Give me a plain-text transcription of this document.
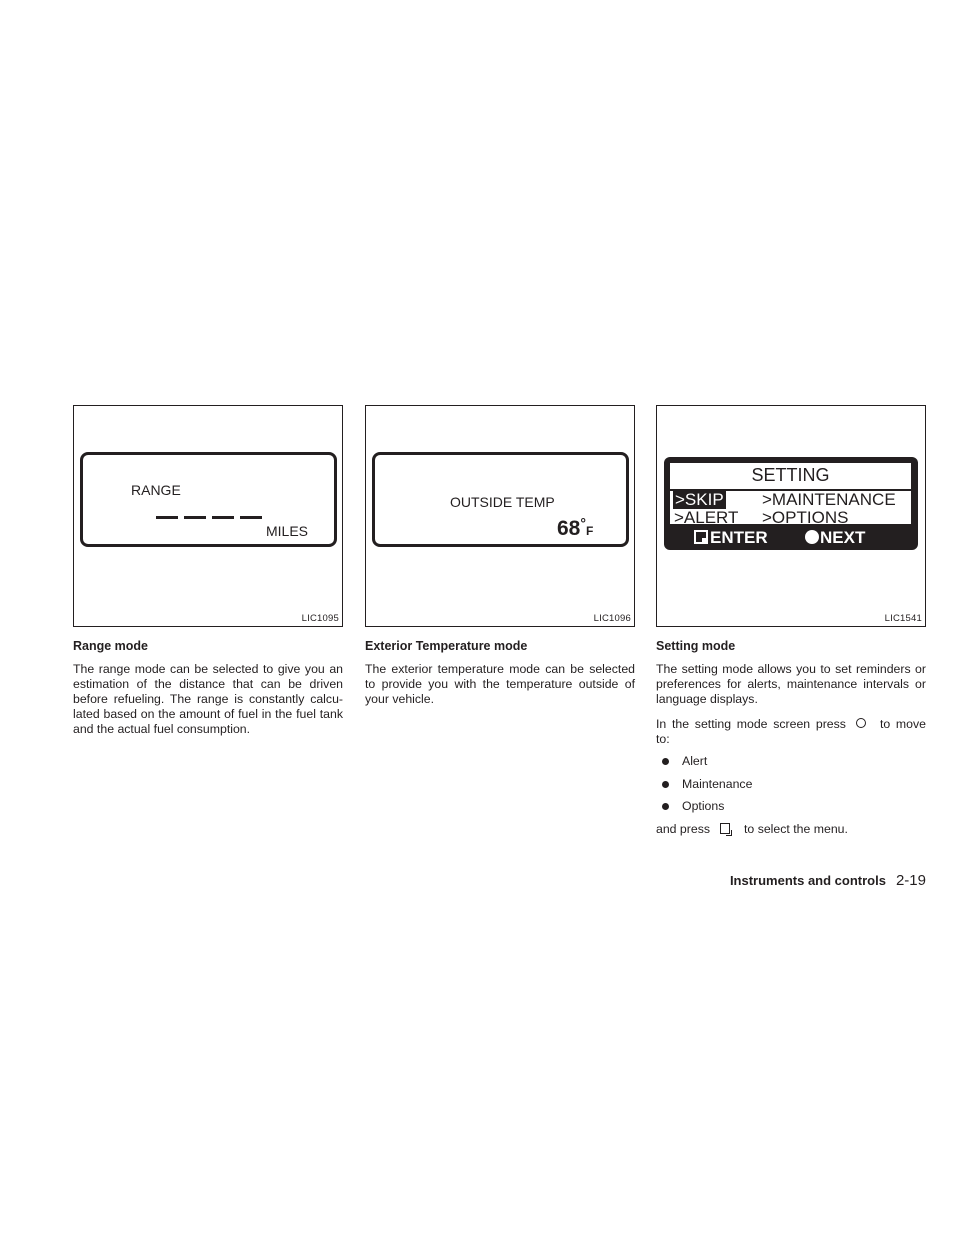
RANGE
MILES
LIC1095
Range mode

The range mode can be selected to give you an estimation of the distance that can be driven before refueling. The range is constantly calcu-lated based on the amount of fuel in the fuel tank and the actual fuel consumption.

OUTSIDE TEMP
68°F
LIC1096
Exterior Temperature mode

The exterior temperature mode can be selected to provide you with the temperature outside of your vehicle.

SETTING
>SKIP >MAINTENANCE
>ALERT >OPTIONS
ENTER	NEXT
LIC1541
Setting mode

The setting mode allows you to set reminders or preferences for alerts, maintenance intervals or language displays.

In the setting mode screen press	to move to:

Alert
Maintenance
Options

and press	to select the menu.

Instruments and controls 2-19
